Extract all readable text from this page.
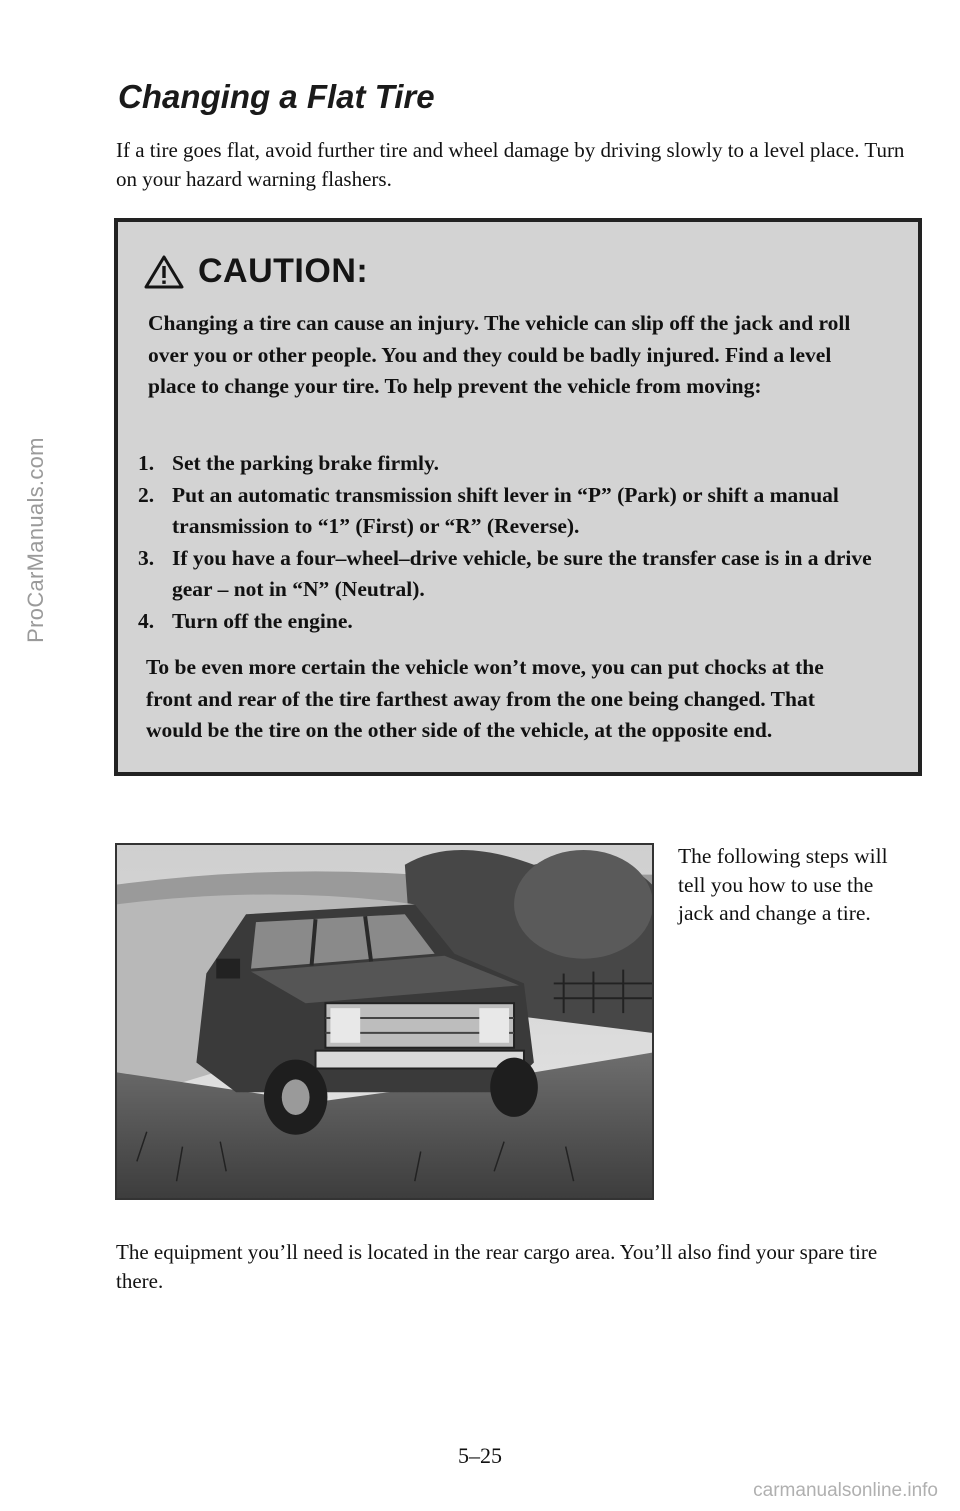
ProCarManuals.com
Changing a Flat Tire

If a tire goes flat, avoid further tire and wheel damage by driving slowly to a level place. Turn on your hazard warning flashers.

CAUTION:

Changing a tire can cause an injury. The vehicle can slip off the jack and roll over you or other people. You and they could be badly injured. Find a level place to change your tire. To help prevent the vehicle from moving:

1. Set the parking brake firmly.
2. Put an automatic transmission shift lever in “P” (Park) or shift a manual transmission to “1” (First) or “R” (Reverse).
3. If you have a four–wheel–drive vehicle, be sure the transfer case is in a drive gear – not in “N” (Neutral).
4. Turn off the engine.

To be even more certain the vehicle won’t move, you can put chocks at the front and rear of the tire farthest away from the one being changed. That would be the tire on the other side of the vehicle, at the opposite end.

The following steps will tell you how to use the jack and change a tire.

The equipment you’ll need is located in the rear cargo area. You’ll also find your spare tire there.

5–25
carmanualsonline.info
